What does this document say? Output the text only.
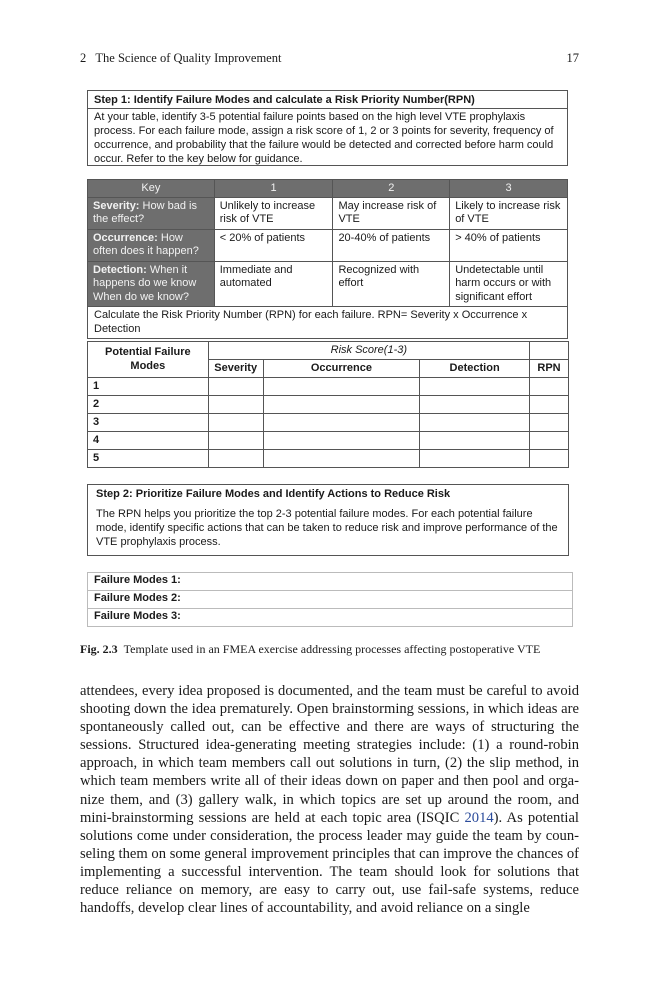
2   The Science of Quality Improvement	17
Step 1: Identify Failure Modes and calculate a Risk Priority Number(RPN)
At your table, identify 3-5 potential failure points based on the high level VTE prophylaxis process. For each failure mode, assign a risk score of 1, 2 or 3 points for severity, frequency of occurrence, and probability that the failure would be detected and corrected before harm could occur. Refer to the key below for guidance.
Key	1	2	3
Severity: How bad is the effect?	Unlikely to increase risk of VTE	May increase risk of VTE	Likely to increase risk of VTE
Occurrence: How often does it happen?	< 20% of patients	20-40% of patients	> 40% of patients
Detection: When it happens do we know When do we know?	Immediate and automated	Recognized with effort	Undetectable until harm occurs or with significant effort
Calculate the Risk Priority Number (RPN) for each failure. RPN= Severity x Occurrence x Detection			
Potential Failure Modes	Risk Score(1-3)			
	Severity	Occurrence	Detection	RPN
1				
2				
3				
4				
5				
Step 2: Prioritize Failure Modes and Identify Actions to Reduce Risk
The RPN helps you prioritize the top 2-3 potential failure modes. For each potential failure mode, identify specific actions that can be taken to reduce risk and improve performance of the VTE prophylaxis process.
Failure Modes 1:
Failure Modes 2:
Failure Modes 3:
Fig. 2.3 Template used in an FMEA exercise addressing processes affecting postoperative VTE

attendees, every idea proposed is documented, and the team must be careful to avoid shooting down the idea prematurely. Open brainstorming sessions, in which ideas are spontaneously called out, can be effective and there are ways of structuring the sessions. Structured idea-generating meeting strategies include: (1) a round-robin approach, in which team members call out solutions in turn, (2) the slip method, in which team members write all of their ideas down on paper and then pool and orga-nize them, and (3) gallery walk, in which topics are set up around the room, and mini-brainstorming sessions are held at each topic area (ISQIC 2014). As potential solutions come under consideration, the process leader may guide the team by coun-seling them on some general improvement principles that can improve the chances of implementing a successful intervention. The team should look for solutions that reduce reliance on memory, are easy to carry out, use fail-safe systems, reduce handoffs, develop clear lines of accountability, and avoid reliance on a single
